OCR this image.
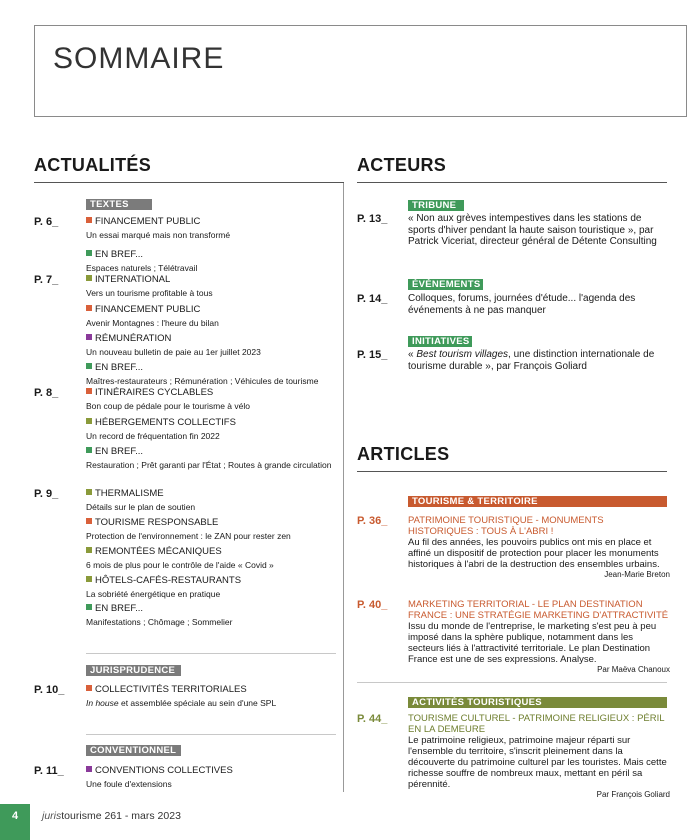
SOMMAIRE
ACTUALITÉS
TEXTES
P. 6_	FINANCEMENT PUBLIC
Un essai marqué mais non transformé
EN BREF...
Espaces naturels ; Télétravail
P. 7_	INTERNATIONAL
Vers un tourisme profitable à tous
FINANCEMENT PUBLIC
Avenir Montagnes : l'heure du bilan
RÉMUNÉRATION
Un nouveau bulletin de paie au 1er juillet 2023
EN BREF...
Maîtres-restaurateurs ; Rémunération ; Véhicules de tourisme
P. 8_	ITINÉRAIRES CYCLABLES
Bon coup de pédale pour le tourisme à vélo
HÉBERGEMENTS COLLECTIFS
Un record de fréquentation fin 2022
EN BREF...
Restauration ; Prêt garanti par l'État ; Routes à grande circulation
P. 9_	THERMALISME
Détails sur le plan de soutien
TOURISME RESPONSABLE
Protection de l'environnement : le ZAN pour rester zen
REMONTÉES MÉCANIQUES
6 mois de plus pour le contrôle de l'aide « Covid »
HÔTELS-CAFÉS-RESTAURANTS
La sobriété énergétique en pratique
EN BREF...
Manifestations ; Chômage ; Sommelier
JURISPRUDENCE
P. 10_	COLLECTIVITÉS TERRITORIALES
In house et assemblée spéciale au sein d'une SPL
CONVENTIONNEL
P. 11_	CONVENTIONS COLLECTIVES
Une foule d'extensions
ACTEURS
TRIBUNE
P. 13_ « Non aux grèves intempestives dans les stations de sports d'hiver pendant la haute saison touristique », par Patrick Viceriat, directeur général de Détente Consulting
ÉVÉNEMENTS
P. 14_ Colloques, forums, journées d'étude... l'agenda des événements à ne pas manquer
INITIATIVES
P. 15_ « Best tourism villages, une distinction internationale de tourisme durable », par François Goliard
ARTICLES
TOURISME & TERRITOIRE
P. 36_ PATRIMOINE TOURISTIQUE - MONUMENTS HISTORIQUES : TOUS À L'ABRI !
Au fil des années, les pouvoirs publics ont mis en place et affiné un dispositif de protection pour placer les monuments historiques à l'abri de la destruction des ensembles urbains.
Jean-Marie Breton
P. 40_ MARKETING TERRITORIAL - LE PLAN DESTINATION FRANCE : UNE STRATÉGIE MARKETING D'ATTRACTIVITÉ
Issu du monde de l'entreprise, le marketing s'est peu à peu imposé dans la sphère publique, notamment dans les secteurs liés à l'attractivité territoriale. Le plan Destination France est une de ses expressions. Analyse.
Par Maëva Chanoux
ACTIVITÉS TOURISTIQUES
P. 44_ TOURISME CULTUREL - PATRIMOINE RELIGIEUX : PÉRIL EN LA DEMEURE
Le patrimoine religieux, patrimoine majeur réparti sur l'ensemble du territoire, s'inscrit pleinement dans la découverte du patrimoine culturel par les touristes. Mais cette richesse souffre de nombreux maux, mettant en péril sa pérennité.
Par François Goliard
4	juristourisme 261 - mars 2023
